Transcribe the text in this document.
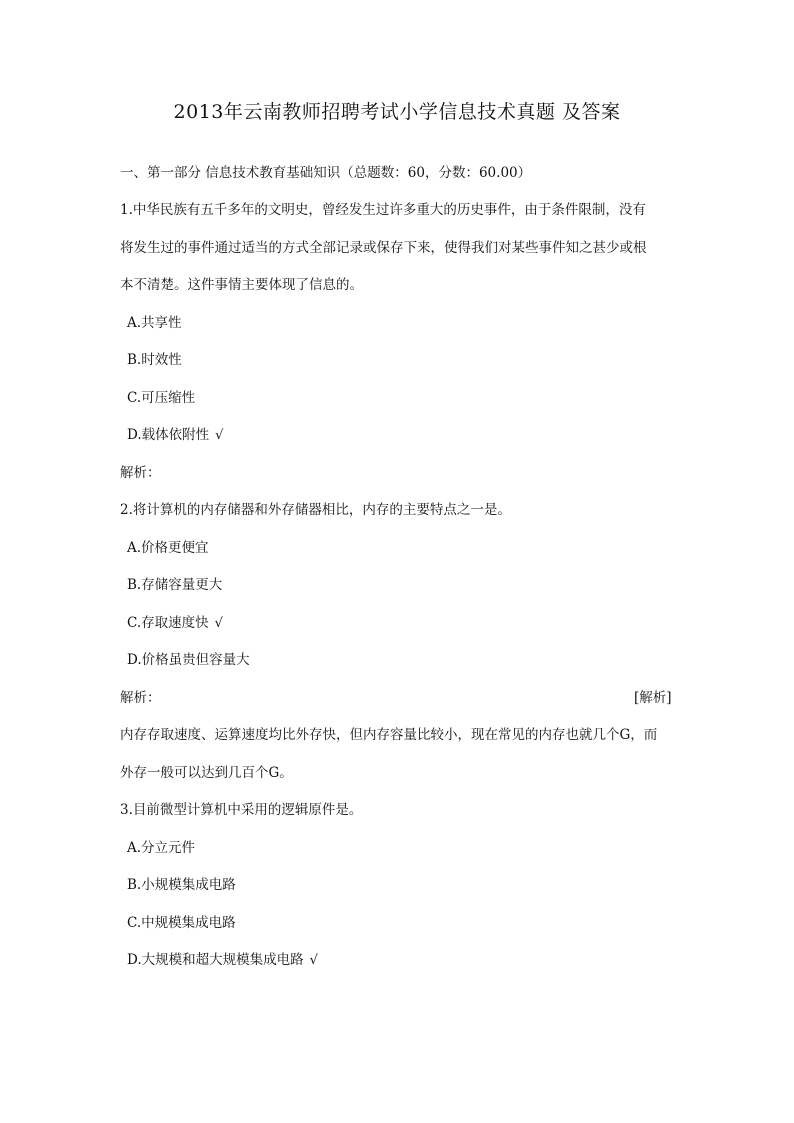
2013年云南教师招聘考试小学信息技术真题 及答案
一、第一部分 信息技术教育基础知识（总题数：60，分数：60.00）
1.中华民族有五千多年的文明史，曾经发生过许多重大的历史事件，由于条件限制，没有
将发生过的事件通过适当的方式全部记录或保存下来，使得我们对某些事件知之甚少或根
本不清楚。这件事情主要体现了信息的。
A.共享性
B.时效性
C.可压缩性
D.载体依附性 √
解析：
2.将计算机的内存储器和外存储器相比，内存的主要特点之一是。
A.价格更便宜
B.存储容量更大
C.存取速度快 √
D.价格虽贵但容量大
解析：	[解析]
内存存取速度、运算速度均比外存快，但内存容量比较小，现在常见的内存也就几个G，而
外存一般可以达到几百个G。
3.目前微型计算机中采用的逻辑原件是。
A.分立元件
B.小规模集成电路
C.中规模集成电路
D.大规模和超大规模集成电路 √
